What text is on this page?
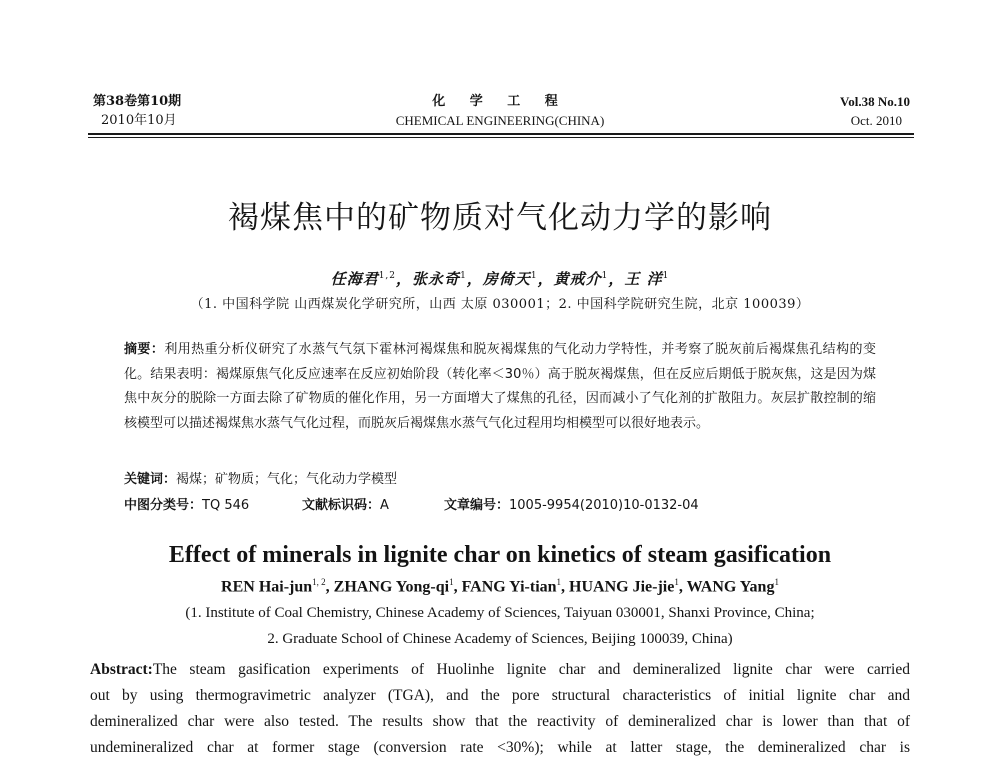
第38卷第10期
2010年10月
化 学 工 程
CHEMICAL ENGINEERING(CHINA)
Vol.38 No.10
Oct. 2010
褐煤焦中的矿物质对气化动力学的影响
任海君$^{1,2}$，张永奇$^1$，房倚天$^1$，黄戒介$^1$，王 洋$^1$
（1. 中国科学院 山西煤炭化学研究所，山西 太原 030001；2. 中国科学院研究生院，北京 100039）
摘要：利用热重分析仪研究了水蒸气气氛下霍林河褐煤焦和脱灰褐煤焦的气化动力学特性，并考察了脱灰前后褐煤焦孔结构的变化。结果表明：褐煤原焦气化反应速率在反应初始阶段（转化率＜30％）高于脱灰褐煤焦，但在反应后期低于脱灰焦，这是因为煤焦中灰分的脱除一方面去除了矿物质的催化作用，另一方面增大了煤焦的孔径，因而减小了气化剂的扩散阻力。灰层扩散控制的缩核模型可以描述褐煤焦水蒸气气化过程，而脱灰后褐煤焦水蒸气气化过程用均相模型可以很好地表示。
关键词：褐煤；矿物质；气化；气化动力学模型
中图分类号：TQ 546	文献标识码：A	文章编号：1005-9954(2010)10-0132-04
Effect of minerals in lignite char on kinetics of steam gasification
REN Hai-jun$^{1, 2}$, ZHANG Yong-$qi^1$, FANG Yi-tian$^1$, HUANG Jie-jie$^1$, WANG Yang$^1$
(1. Institute of Coal Chemistry, Chinese Academy of Sciences, Taiyuan 030001, Shanxi Province, China;
2. Graduate School of Chinese Academy of Sciences, Beijing 100039, China)
Abstract:The steam gasification experiments of Huolinhe lignite char and demineralized lignite char were carried
out by using thermogravimetric analyzer (TGA), and the pore structural characteristics of initial lignite char and
demineralized char were also tested. The results show that the reactivity of demineralized char is lower than that of
undemineralized char at former stage (conversion rate <30%); while at latter stage, the demineralized char is
